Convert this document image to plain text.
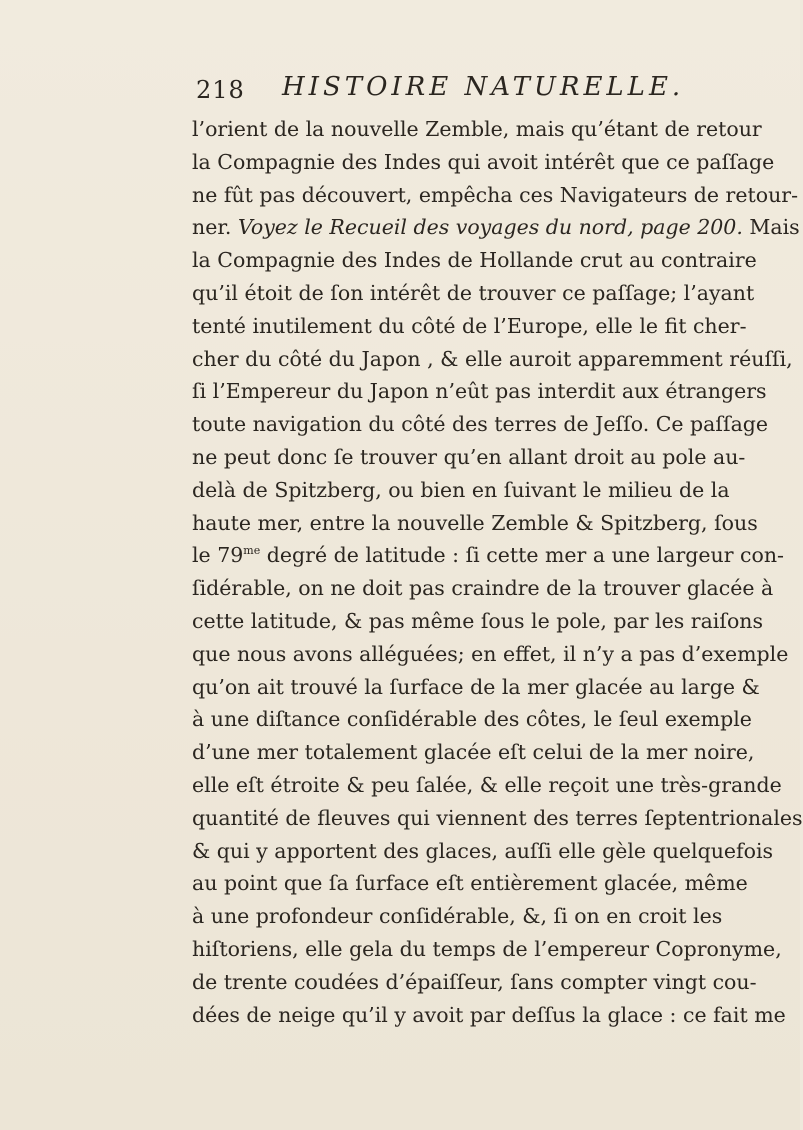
218 HISTOIRE NATURELLE.
l’orient de la nouvelle Zemble, mais qu’étant de retour
la Compagnie des Indes qui avoit intérêt que ce paſſage
ne fût pas découvert, empêcha ces Navigateurs de retour-
ner. Voyez le Recueil des voyages du nord, page 200. Mais
la Compagnie des Indes de Hollande crut au contraire
qu’il étoit de ſon intérêt de trouver ce paſſage; l’ayant
tenté inutilement du côté de l’Europe, elle le fit cher-
cher du côté du Japon , & elle auroit apparemment réuſſi,
ſi l’Empereur du Japon n’eût pas interdit aux étrangers
toute navigation du côté des terres de Jeſſo. Ce paſſage
ne peut donc ſe trouver qu’en allant droit au pole au-
delà de Spitzberg, ou bien en ſuivant le milieu de la
haute mer, entre la nouvelle Zemble & Spitzberg, ſous
le $79^{me}$ degré de latitude : ſi cette mer a une largeur con-
ſidérable, on ne doit pas craindre de la trouver glacée à
cette latitude, & pas même ſous le pole, par les raiſons
que nous avons alléguées; en effet, il n’y a pas d’exemple
qu’on ait trouvé la ſurface de la mer glacée au large &
à une diſtance conſidérable des côtes, le ſeul exemple
d’une mer totalement glacée eſt celui de la mer noire,
elle eſt étroite & peu ſalée, & elle reçoit une très-grande
quantité de fleuves qui viennent des terres ſeptentrionales
& qui y apportent des glaces, auſſi elle gèle quelquefois
au point que ſa ſurface eſt entièrement glacée, même
à une profondeur conſidérable, &, ſi on en croit les
hiſtoriens, elle gela du temps de l’empereur Copronyme,
de trente coudées d’épaiſſeur, ſans compter vingt cou-
dées de neige qu’il y avoit par deſſus la glace : ce fait me
